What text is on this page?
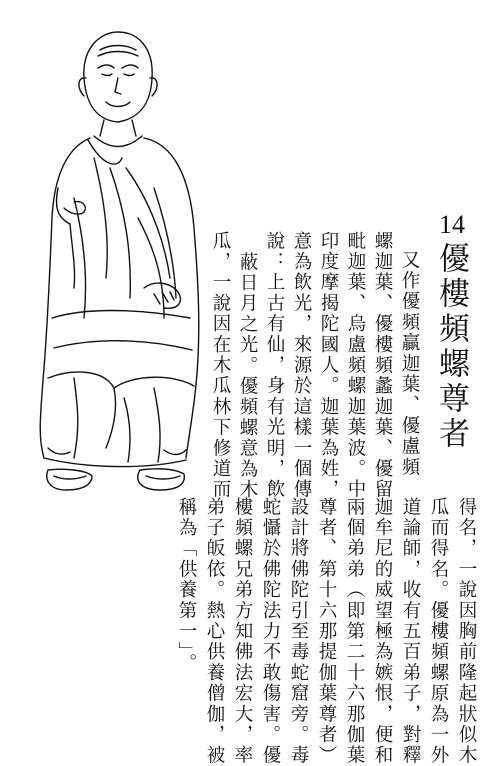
14
優樓頻螺尊者
又作優頻贏迦葉、優盧頻
螺迦葉、優樓頻蠡迦葉、優留
毗迦葉、烏盧頻螺迦葉波。中
印度摩揭陀國人。迦葉為姓，
意為飲光，來源於這樣一個傳
說：上古有仙，身有光明，飲
蔽日月之光。優頻螺意為木
瓜，一說因在木瓜林下修道而
得名，一說因胸前隆起狀似木
瓜而得名。優樓頻螺原為一外
道論師，收有五百弟子，對釋
迦牟尼的威望極為嫉恨，便和
兩個弟弟（即第二十六那伽葉
尊者、第十六那提伽葉尊者）
設計將佛陀引至毒蛇窟旁。毒
蛇懾於佛陀法力不敢傷害。優
樓頻螺兄弟方知佛法宏大，率
弟子皈依。熱心供養僧伽，被
稱為「供養第一」。
